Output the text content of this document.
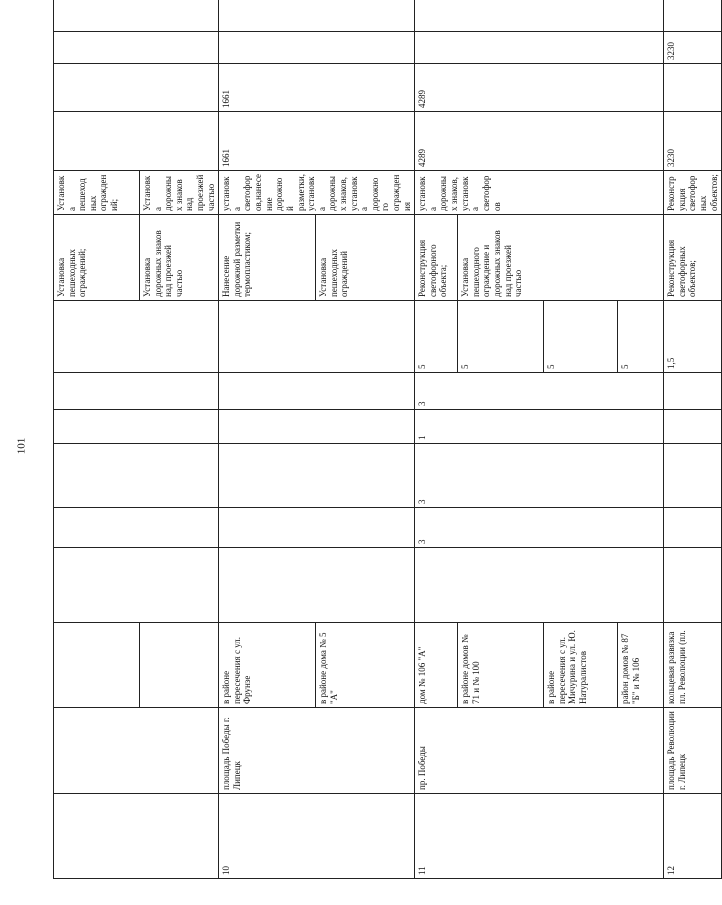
101
									Установка пешеходных ограждений;	Установка пешеходных ограждений;				
									Установка дорожных знаков над проезжей частью	Установка дорожных знаков над проезжей частью				
10	площадь Победы г. Липецк	в районе пересечения с ул. Фрунзе							Нанесение дорожной разметки термопластиком;	установка светофоров,нанесение дорожной разметки, установка дорожных знаков, установка дорожного ограждения	1661	1661		
		в районе дома № 5 "А"							Установка пешеходных ограждений					
11	пр. Победы	дом № 106 "А"		3	3	1	3	5	Реконструкция светофорного объекта;	установка дорожных знаков, установка светофоров	4289	4289		
		в районе домов № 71 и № 100						5	Установка пешеходного ограждение и дорожных знаков над проезжей частью					
		в районе пересечения с ул. Мичурина и ул. Ю. Натуралистов						5						
		район домов № 87 "Б" и № 106						5						
12	площадь Революции г. Липецк	кольцевая развязка пл. Революции (пл.						1,5	Реконструкция светофорных объектов;	Реконструкция светофорных объектов;	3230		3230	
